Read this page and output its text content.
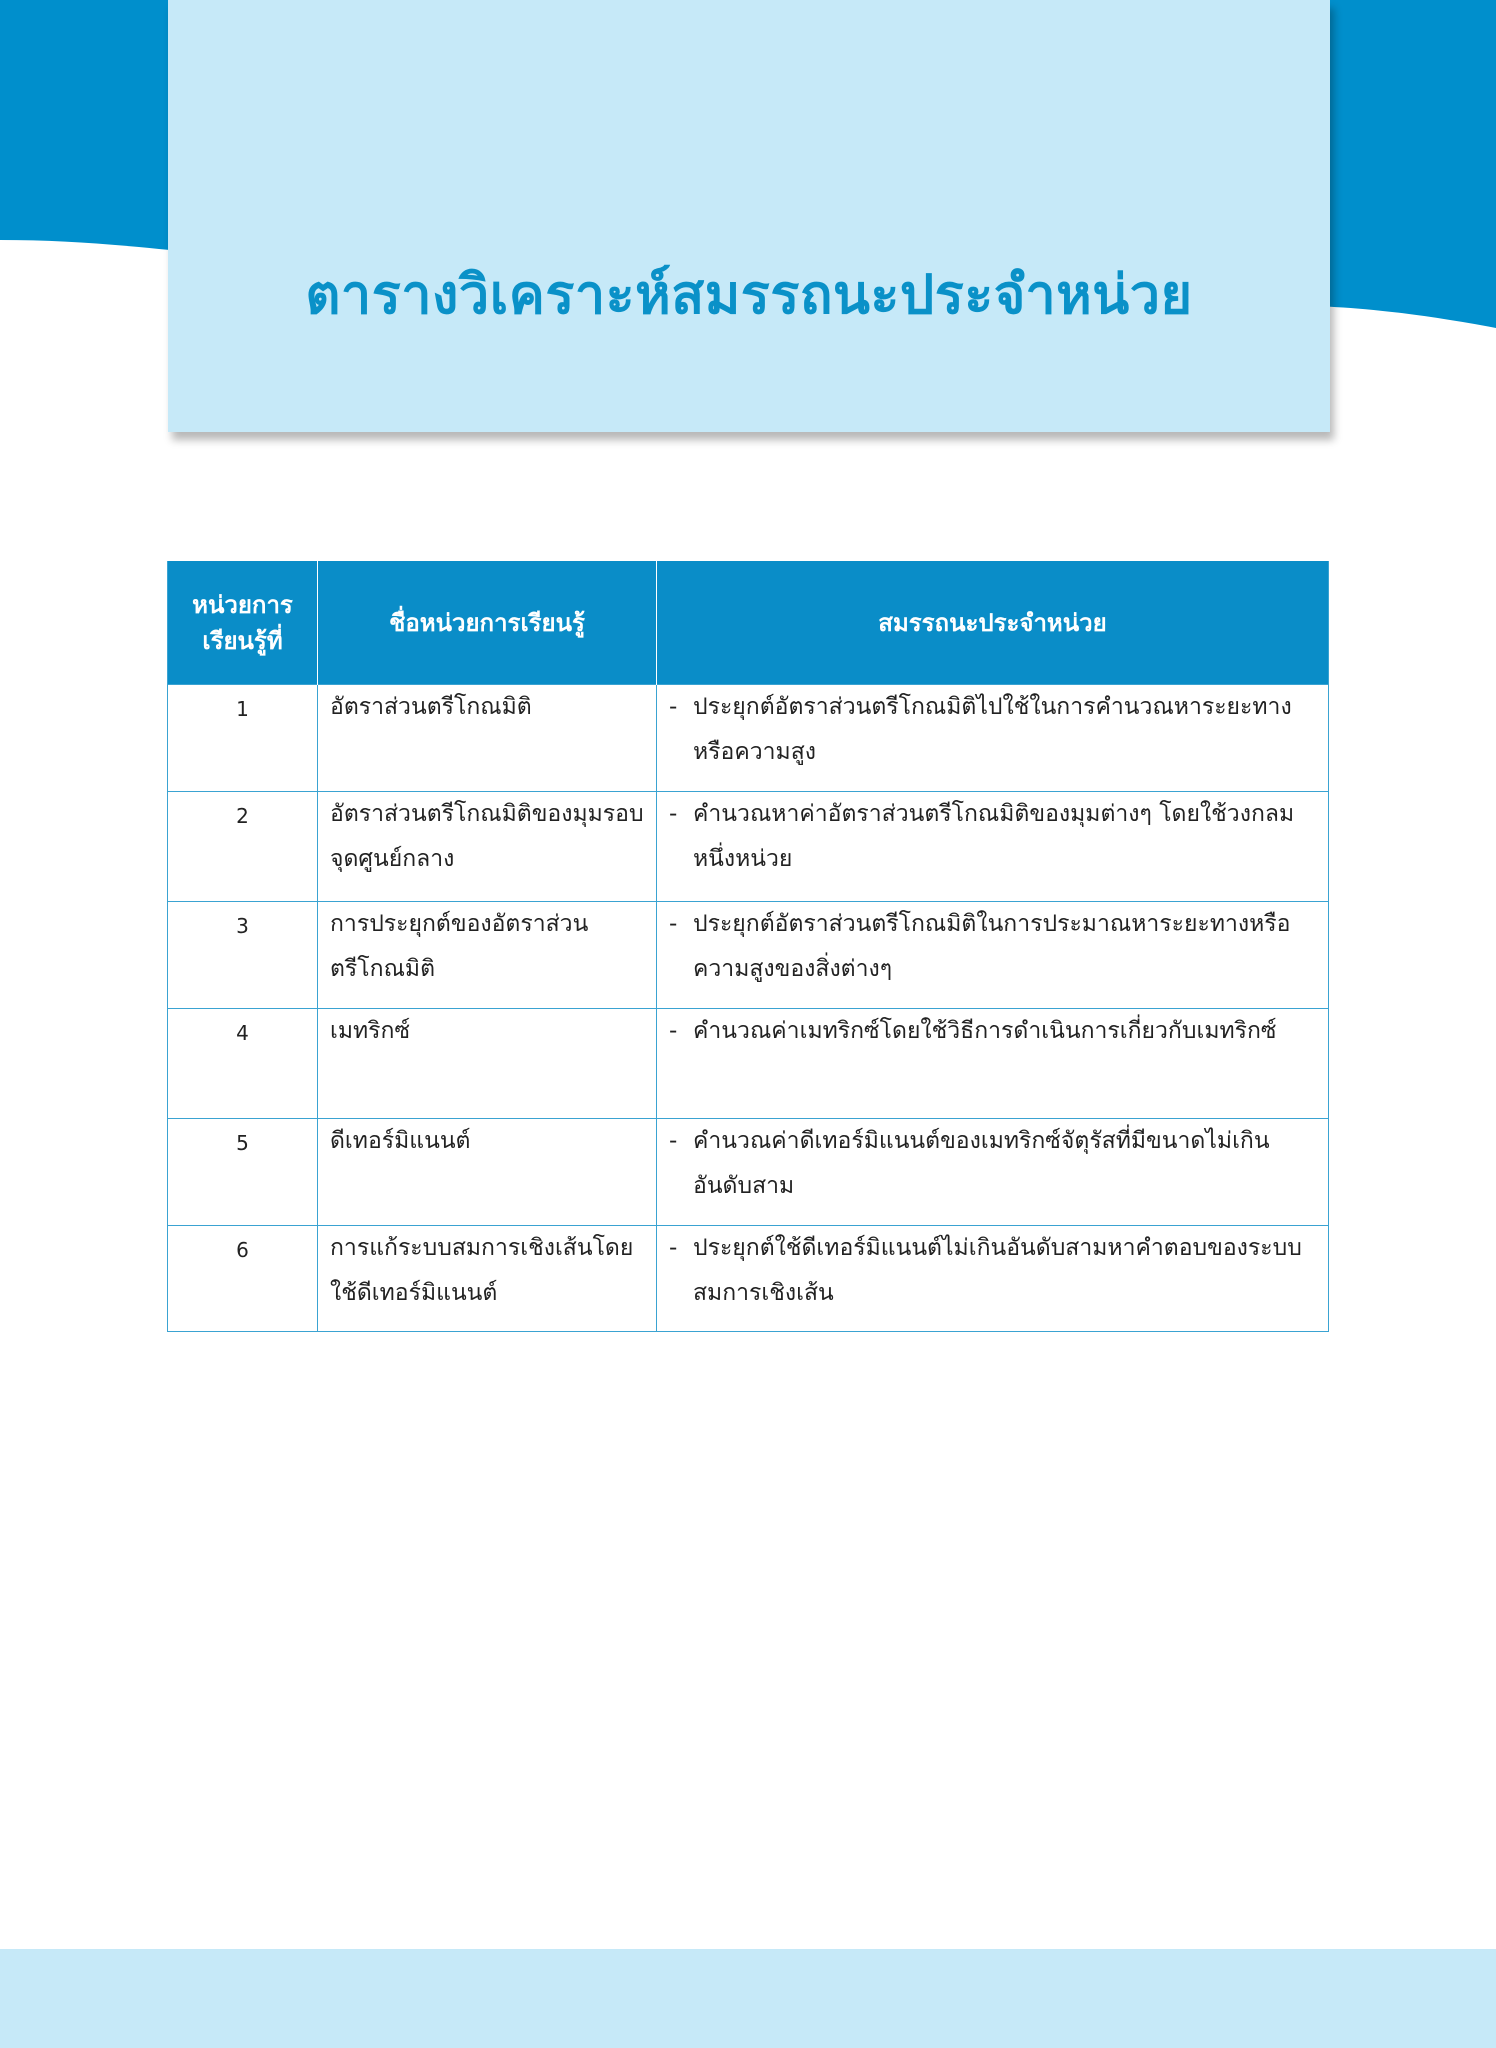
ตารางวิเคราะห์สมรรถนะประจำหน่วย
หน่วยการเรียนรู้ที่	ชื่อหน่วยการเรียนรู้	สมรรถนะประจำหน่วย
1	อัตราส่วนตรีโกณมิติ	- ประยุกต์อัตราส่วนตรีโกณมิติไปใช้ในการคำนวณหาระยะทางหรือความสูง

2	อัตราส่วนตรีโกณมิติของมุมรอบจุดศูนย์กลาง	- คำนวณหาค่าอัตราส่วนตรีโกณมิติของมุมต่างๆ โดยใช้วงกลมหนึ่งหน่วย

3	การประยุกต์ของอัตราส่วนตรีโกณมิติ	- ประยุกต์อัตราส่วนตรีโกณมิติในการประมาณหาระยะทางหรือความสูงของสิ่งต่างๆ

4	เมทริกซ์	- คำนวณค่าเมทริกซ์โดยใช้วิธีการดำเนินการเกี่ยวกับเมทริกซ์

5	ดีเทอร์มิแนนต์	- คำนวณค่าดีเทอร์มิแนนต์ของเมทริกซ์จัตุรัสที่มีขนาดไม่เกินอันดับสาม

6	การแก้ระบบสมการเชิงเส้นโดยใช้ดีเทอร์มิแนนต์	- ประยุกต์ใช้ดีเทอร์มิแนนต์ไม่เกินอันดับสามหาคำตอบของระบบสมการเชิงเส้น
